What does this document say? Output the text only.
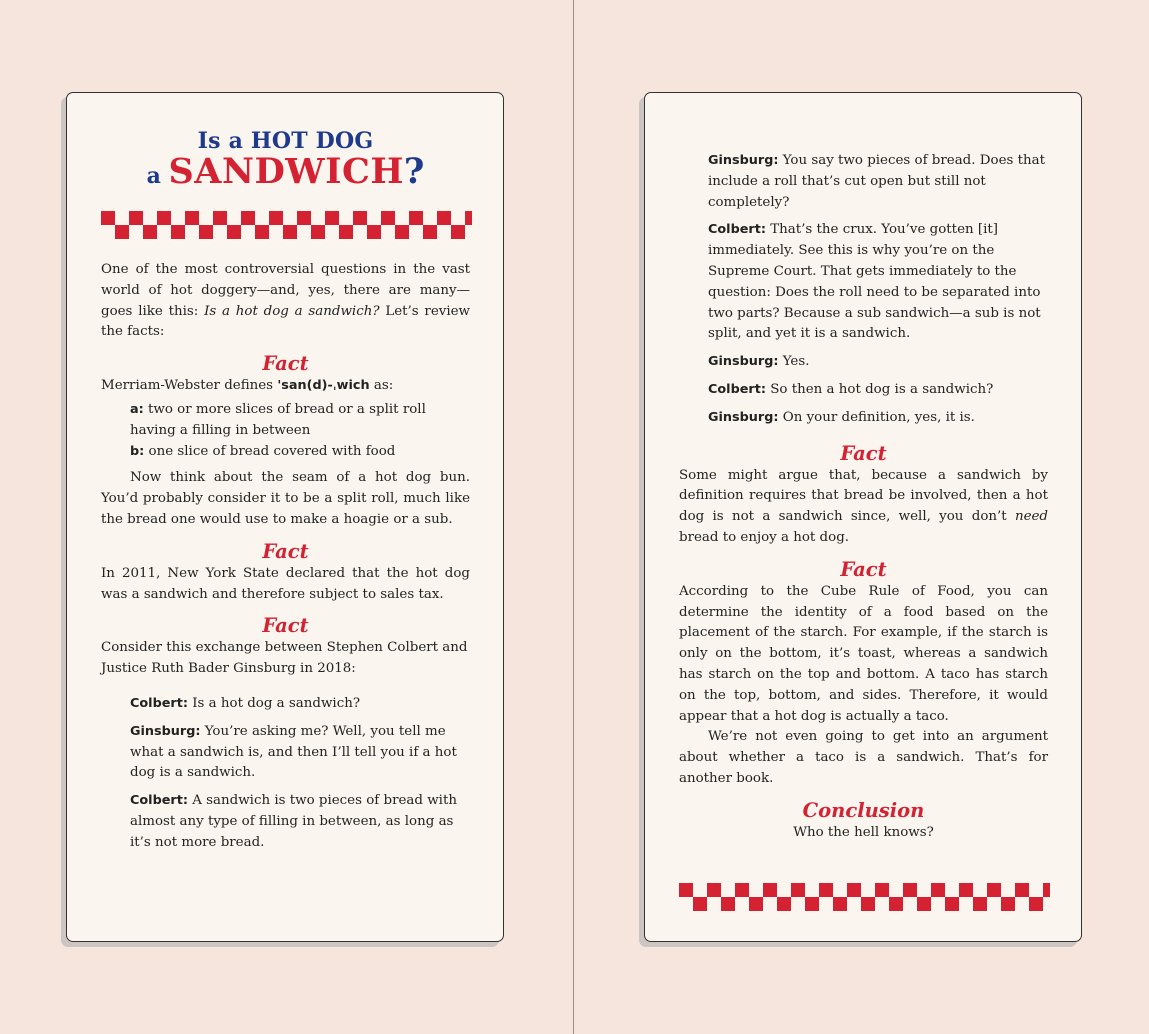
Is a HOT DOG
a SANDWICH?

One of the most controversial questions in the vast world of hot doggery—and, yes, there are many—goes like this: Is a hot dog a sandwich? Let’s review the facts:

Fact

Merriam-Webster defines 'san(d)-ˌwich as:

a: two or more slices of bread or a split roll having a filling in between

b: one slice of bread covered with food

Now think about the seam of a hot dog bun. You’d probably consider it to be a split roll, much like the bread one would use to make a hoagie or a sub.

Fact

In 2011, New York State declared that the hot dog was a sandwich and therefore subject to sales tax.

Fact

Consider this exchange between Stephen Colbert and Justice Ruth Bader Ginsburg in 2018:

Colbert: Is a hot dog a sandwich?

Ginsburg: You’re asking me? Well, you tell me what a sandwich is, and then I’ll tell you if a hot dog is a sandwich.

Colbert: A sandwich is two pieces of bread with almost any type of filling in between, as long as it’s not more bread.

Ginsburg: You say two pieces of bread. Does that include a roll that’s cut open but still not completely?

Colbert: That’s the crux. You’ve gotten [it] immediately. See this is why you’re on the Supreme Court. That gets immediately to the question: Does the roll need to be separated into two parts? Because a sub sandwich—a sub is not split, and yet it is a sandwich.

Ginsburg: Yes.

Colbert: So then a hot dog is a sandwich?

Ginsburg: On your definition, yes, it is.

Fact

Some might argue that, because a sandwich by definition requires that bread be involved, then a hot dog is not a sandwich since, well, you don’t need bread to enjoy a hot dog.

Fact

According to the Cube Rule of Food, you can determine the identity of a food based on the placement of the starch. For example, if the starch is only on the bottom, it’s toast, whereas a sandwich has starch on the top and bottom. A taco has starch on the top, bottom, and sides. Therefore, it would appear that a hot dog is actually a taco.

We’re not even going to get into an argument about whether a taco is a sandwich. That’s for another book.

Conclusion

Who the hell knows?
